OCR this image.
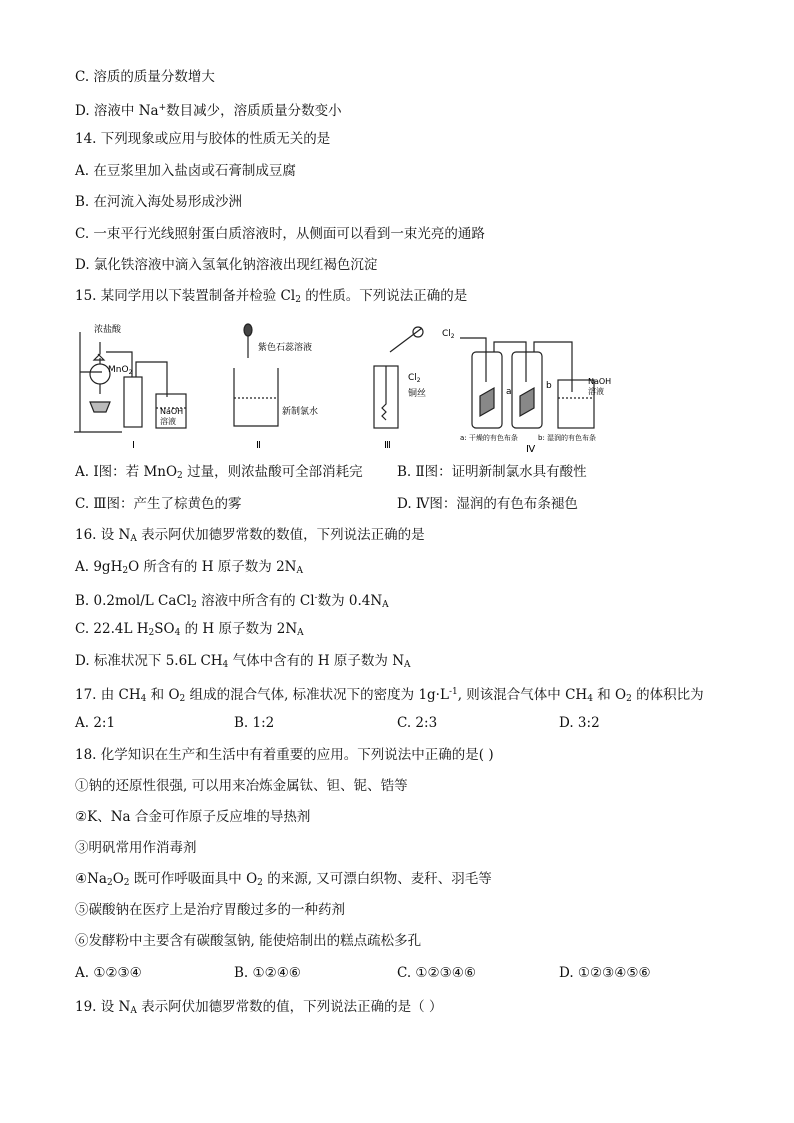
C. 溶质的质量分数增大
D. 溶液中 Na+数目减少，溶质质量分数变小
14. 下列现象或应用与胶体的性质无关的是
A. 在豆浆里加入盐卤或石膏制成豆腐
B. 在河流入海处易形成沙洲
C. 一束平行光线照射蛋白质溶液时，从侧面可以看到一束光亮的通路
D. 氯化铁溶液中滴入氢氧化钠溶液出现红褐色沉淀
15. 某同学用以下装置制备并检验 $Cl_2$ 的性质。下列说法正确的是
浓盐酸
MnO$_2$
NaOH
溶液
Ⅰ
紫色石蕊溶液
新制氯水
Ⅱ
$Cl_2$
铜丝
Ⅲ
$Cl_2$
a
b	NaOH
溶液
a: 干燥的有色布条	b: 湿润的有色布条
Ⅳ
A. Ⅰ图：若 MnO$_2$ 过量，则浓盐酸可全部消耗完	B. Ⅱ图：证明新制氯水具有酸性
C. Ⅲ图：产生了棕黄色的雾	D. Ⅳ图：湿润的有色布条褪色
16. 设 $N_A$ 表示阿伏加德罗常数的数值，下列说法正确的是
A. $9gH_2O$ 所含有的 H 原子数为 $2N_A$
B. 0.2mol/L CaCl$_2$ 溶液中所含有的 Cl-数为 $0.4N_A$
C. 22.4L $H_2SO_4$ 的 H 原子数为 $2N_A$
D. 标准状况下 5.6L $CH_4$ 气体中含有的 H 原子数为 $N_A$
17. 由 $CH_4$ 和 $O_2$ 组成的混合气体, 标准状况下的密度为 $1g\cdot L^{-1}$, 则该混合气体中 $CH_4$ 和 $O_2$ 的体积比为
A. 2:1	B. 1:2	C. 2:3	D. 3:2
18. 化学知识在生产和生活中有着重要的应用。下列说法中正确的是( )
①钠的还原性很强, 可以用来冶炼金属钛、钽、铌、锆等
②K、Na 合金可作原子反应堆的导热剂
③明矾常用作消毒剂
$④Na_2O_2$ 既可作呼吸面具中 $O_2$ 的来源, 又可漂白织物、麦秆、羽毛等
⑤碳酸钠在医疗上是治疗胃酸过多的一种药剂
⑥发酵粉中主要含有碳酸氢钠, 能使焙制出的糕点疏松多孔
A. ①②③④	B. ①②④⑥	C. ①②③④⑥	D. ①②③④⑤⑥
19. 设 $N_A$ 表示阿伏加德罗常数的值，下列说法正确的是（ ）
